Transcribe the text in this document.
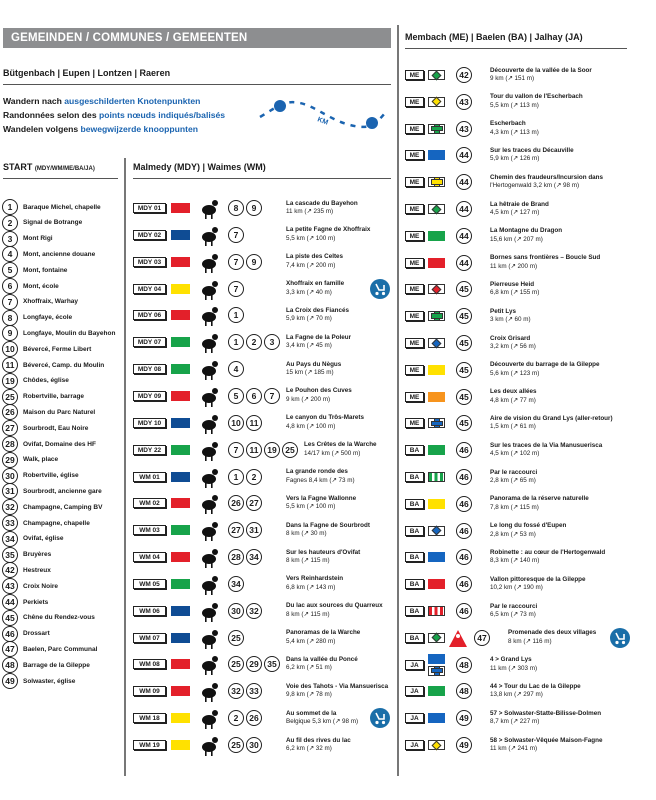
GEMEINDEN / COMMUNES / GEMEENTEN
Bütgenbach | Eupen | Lontzen | Raeren
Wandern nach ausgeschilderten Knotenpunkten
Randonnées selon des points nœuds indiqués/balisés
Wandelen volgens bewegwijzerde knooppunten
KM
START (MDY/WM/ME/BA/JA)	Malmedy (MDY) | Waimes (WM)
Membach (ME) | Baelen (BA) | Jalhay (JA)
1	Baraque Michel, chapelle
2	Signal de Botrange
3	Mont Rigi
4	Mont, ancienne douane
5	Mont, fontaine
6	Mont, école
7	Xhoffraix, Warhay
8	Longfaye, école
9	Longfaye, Moulin du Bayehon
10	Bévercé, Ferme Libert
11	Bévercé, Camp. du Moulin
19	Chôdes, église
25	Robertville, barrage
26	Maison du Parc Naturel
27	Sourbrodt, Eau Noire
28	Ovifat, Domaine des HF
29	Walk, place
30	Robertville, église
31	Sourbrodt, ancienne gare
32	Champagne, Camping BV
33	Champagne, chapelle
34	Ovifat, église
35	Bruyères
42	Hestreux
43	Croix Noire
44	Perkiets
45	Chêne du Rendez-vous
46	Drossart
47	Baelen, Parc Communal
48	Barrage de la Gileppe
49	Solwaster, église
MDY 01	8	9	La cascade du Bayehon
11 km (↗ 235 m)
MDY 02	7	La petite Fagne de Xhoffraix
5,5 km (↗ 100 m)
MDY 03	7	9	La piste des Celtes
7,4 km (↗ 200 m)
MDY 04	7	Xhoffraix en famille
3,3 km (↗ 40 m)
MDY 06	1	La Croix des Fiancés
5,9 km (↗ 70 m)
MDY 07	1	2	3	La Fagne de la Poleur
3,4 km (↗ 45 m)
MDY 08	4	Au Pays du Nègus
15 km (↗ 185 m)
MDY 09	5	6	7	Le Pouhon des Cuves
9 km (↗ 200 m)
MDY 10	10	11	Le canyon du Trôs-Marets
4,8 km (↗ 100 m)
MDY 22	7	11	19	25	Les Crêtes de la Warche
14/17 km (↗ 500 m)
WM 01	1	2	La grande ronde des
Fagnes 8,4 km (↗ 73 m)
WM 02	26	27	Vers la Fagne Wallonne
5,5 km (↗ 100 m)
WM 03	27	31	Dans la Fagne de Sourbrodt
8 km (↗ 30 m)
WM 04	28	34	Sur les hauteurs d'Ovifat
8 km (↗ 115 m)
WM 05	34	Vers Reinhardstein
6,8 km (↗ 143 m)
WM 06	30	32	Du lac aux sources du Quarreux
8 km (↗ 115 m)
WM 07	25	Panoramas de la Warche
5,4 km (↗ 280 m)
WM 08	25	29	35	Dans la vallée du Poncé
6,2 km (↗ 51 m)
WM 09	32	33	Voie des Tahots - Via Mansuerisca
9,8 km (↗ 78 m)
WM 18	2	26	Au sommet de la
Belgique 5,3 km (↗ 98 m)
WM 19	25	30	Au fil des rives du lac
6,2 km (↗ 32 m)
ME	42	Découverte de la vallée de la Soor
9 km (↗ 151 m)
ME	43	Tour du vallon de l'Escherbach
5,5 km (↗ 113 m)
ME	43	Escherbach
4,3 km (↗ 113 m)
ME	44	Sur les traces du Décauville
5,9 km (↗ 126 m)
ME	44	Chemin des fraudeurs/Incursion dans
l'Hertogenwald 3,2 km (↗ 98 m)
ME	44	La hêtraie de Brand
4,5 km (↗ 127 m)
ME	44	La Montagne du Dragon
15,6 km (↗ 207 m)
ME	44	Bornes sans frontières – Boucle Sud
11 km (↗ 200 m)
ME	45	Pierreuse Heid
6,8 km (↗ 155 m)
ME	45	Petit Lys
3 km (↗ 60 m)
ME	45	Croix Grisard
3,2 km (↗ 56 m)
ME	45	Découverte du barrage de la Gileppe
5,6 km (↗ 123 m)
ME	45	Les deux allées
4,8 km (↗ 77 m)
ME	45	Aire de vision du Grand Lys (aller-retour)
1,5 km (↗ 61 m)
BA	46	Sur les traces de la Via Manusuerisca
4,5 km (↗ 102 m)
BA	46	Par le raccourci
2,8 km (↗ 65 m)
BA	46	Panorama de la réserve naturelle
7,8 km (↗ 115 m)
BA	46	Le long du fossé d'Eupen
2,8 km (↗ 53 m)
BA	46	Robinette : au cœur de l'Hertogenwald
8,3 km (↗ 140 m)
BA	46	Vallon pittoresque de la Gileppe
10,2 km (↗ 190 m)
BA	46	Par le raccourci
6,5 km (↗ 73 m)
BA	47	Promenade des deux villages
8 km (↗ 116 m)
JA	48	4 > Grand Lys
11 km (↗ 303 m)
JA	48	44 > Tour du Lac de la Gileppe
13,8 km (↗ 297 m)
JA	49	57 > Solwaster-Statte-Bilisse-Dolmen
8,7 km (↗ 227 m)
JA	49	58 > Solwaster-Vêquée Maison-Fagne
11 km (↗ 241 m)
